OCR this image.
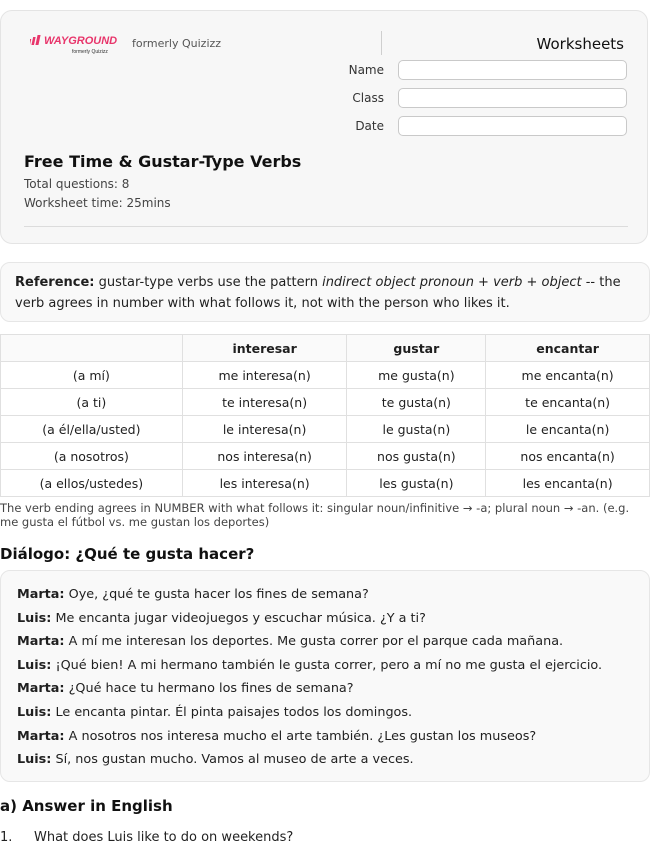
WAYGROUND
formerly Quizizz
formerly Quizizz	Worksheets
Name
Class
Date
Free Time & Gustar-Type Verbs
Total questions: 8
Worksheet time: 25mins
Reference: gustar-type verbs use the pattern indirect object pronoun + verb + object -- the verb agrees in number with what follows it, not with the person who likes it.
	interesar	gustar	encantar
(a mí)	me interesa(n)	me gusta(n)	me encanta(n)
(a ti)	te interesa(n)	te gusta(n)	te encanta(n)
(a él/ella/usted)	le interesa(n)	le gusta(n)	le encanta(n)
(a nosotros)	nos interesa(n)	nos gusta(n)	nos encanta(n)
(a ellos/ustedes)	les interesa(n)	les gusta(n)	les encanta(n)
The verb ending agrees in NUMBER with what follows it: singular noun/infinitive → -a; plural noun → -an. (e.g. me gusta el fútbol vs. me gustan los deportes)
Diálogo: ¿Qué te gusta hacer?
Marta: Oye, ¿qué te gusta hacer los fines de semana?
Luis: Me encanta jugar videojuegos y escuchar música. ¿Y a ti?
Marta: A mí me interesan los deportes. Me gusta correr por el parque cada mañana.
Luis: ¡Qué bien! A mi hermano también le gusta correr, pero a mí no me gusta el ejercicio.
Marta: ¿Qué hace tu hermano los fines de semana?
Luis: Le encanta pintar. Él pinta paisajes todos los domingos.
Marta: A nosotros nos interesa mucho el arte también. ¿Les gustan los museos?
Luis: Sí, nos gustan mucho. Vamos al museo de arte a veces.
a) Answer in English
1. What does Luis like to do on weekends?
